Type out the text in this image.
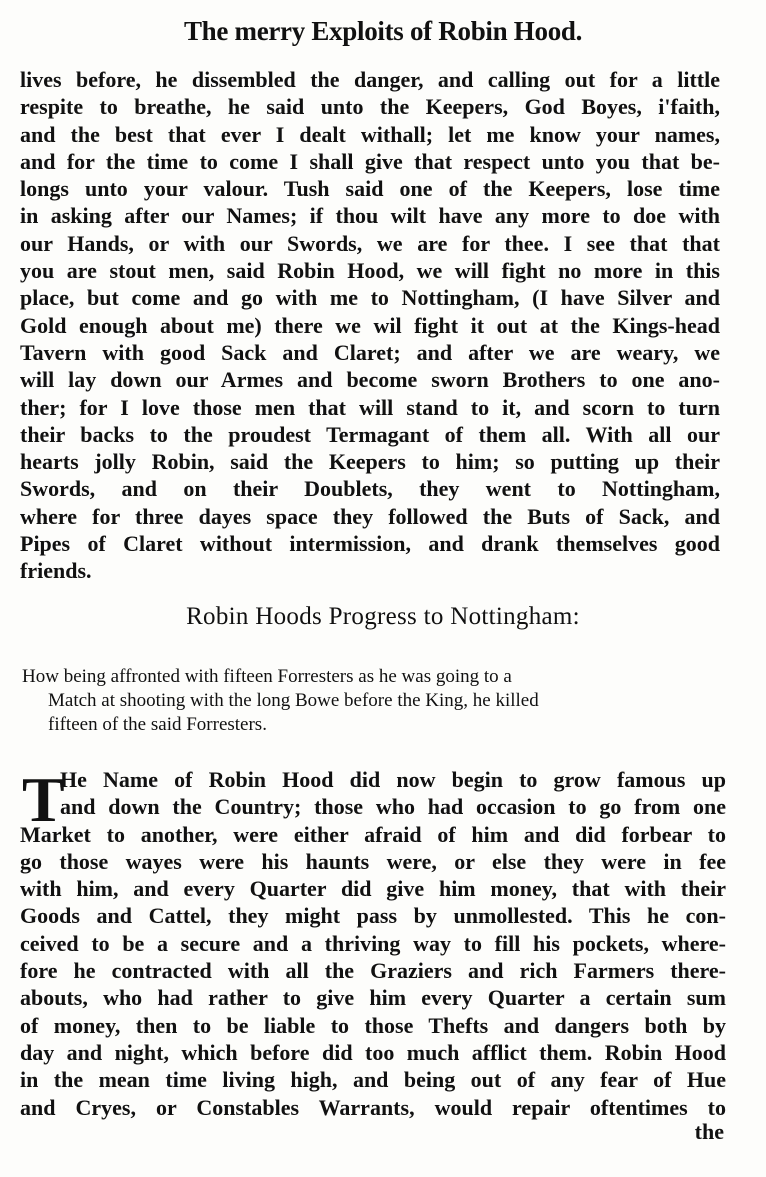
The merry Exploits of Robin Hood.
lives before, he dissembled the danger, and calling out for a little
respite to breathe, he said unto the Keepers, God Boyes, i'faith,
and the best that ever I dealt withall; let me know your names,
and for the time to come I shall give that respect unto you that be-
longs unto your valour. Tush said one of the Keepers, lose time
in asking after our Names; if thou wilt have any more to doe with
our Hands, or with our Swords, we are for thee. I see that that
you are stout men, said Robin Hood, we will fight no more in this
place, but come and go with me to Nottingham, (I have Silver and
Gold enough about me) there we wil fight it out at the Kings-head
Tavern with good Sack and Claret; and after we are weary, we
will lay down our Armes and become sworn Brothers to one ano-
ther; for I love those men that will stand to it, and scorn to turn
their backs to the proudest Termagant of them all. With all our
hearts jolly Robin, said the Keepers to him; so putting up their
Swords, and on their Doublets, they went to Nottingham,
where for three dayes space they followed the Buts of Sack, and
Pipes of Claret without intermission, and drank themselves good
friends.
Robin Hoods Progress to Nottingham:
How being affronted with fifteen Forresters as he was going to a
Match at shooting with the long Bowe before the King, he killed
fifteen of the said Forresters.
T
He Name of Robin Hood did now begin to grow famous up
and down the Country; those who had occasion to go from one
Market to another, were either afraid of him and did forbear to
go those wayes were his haunts were, or else they were in fee
with him, and every Quarter did give him money, that with their
Goods and Cattel, they might pass by unmollested. This he con-
ceived to be a secure and a thriving way to fill his pockets, where-
fore he contracted with all the Graziers and rich Farmers there-
abouts, who had rather to give him every Quarter a certain sum
of money, then to be liable to those Thefts and dangers both by
day and night, which before did too much afflict them. Robin Hood
in the mean time living high, and being out of any fear of Hue
and Cryes, or Constables Warrants, would repair oftentimes to
the
